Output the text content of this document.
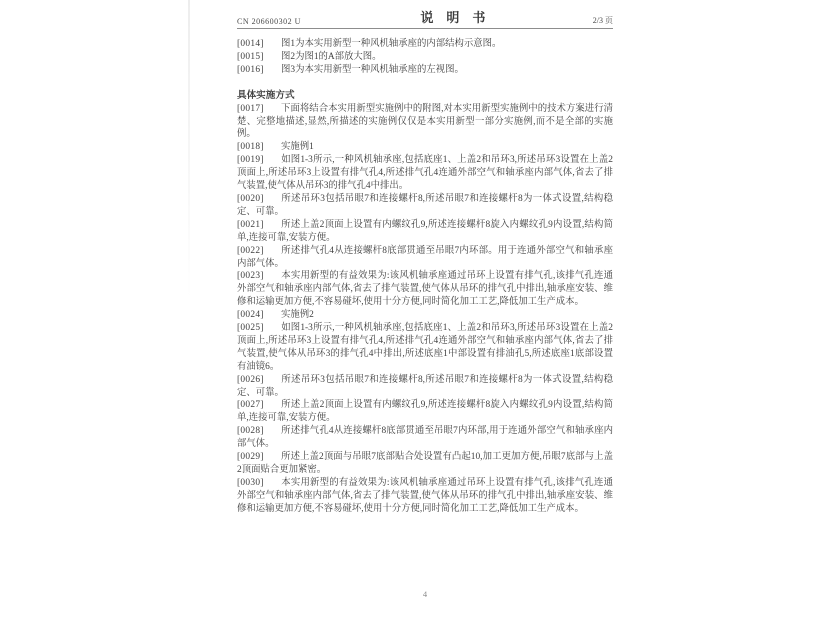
CN 206600302 U	说明书	2/3 页
[0014] 图1为本实用新型一种风机轴承座的内部结构示意图。
[0015] 图2为图1的A部放大图。
[0016] 图3为本实用新型一种风机轴承座的左视图。
具体实施方式
[0017] 下面将结合本实用新型实施例中的附图,对本实用新型实施例中的技术方案进行清楚、完整地描述,显然,所描述的实施例仅仅是本实用新型一部分实施例,而不是全部的实施例。
[0018] 实施例1
[0019] 如图1-3所示,一种风机轴承座,包括底座1、上盖2和吊环3,所述吊环3设置在上盖2顶面上,所述吊环3上设置有排气孔4,所述排气孔4连通外部空气和轴承座内部气体,省去了排气装置,使气体从吊环3的排气孔4中排出。
[0020] 所述吊环3包括吊眼7和连接螺杆8,所述吊眼7和连接螺杆8为一体式设置,结构稳定、可靠。
[0021] 所述上盖2顶面上设置有内螺纹孔9,所述连接螺杆8旋入内螺纹孔9内设置,结构简单,连接可靠,安装方便。
[0022] 所述排气孔4从连接螺杆8底部贯通至吊眼7内环部。用于连通外部空气和轴承座内部气体。
[0023] 本实用新型的有益效果为:该风机轴承座通过吊环上设置有排气孔,该排气孔连通外部空气和轴承座内部气体,省去了排气装置,使气体从吊环的排气孔中排出,轴承座安装、维修和运输更加方便,不容易碰坏,使用十分方便,同时简化加工工艺,降低加工生产成本。
[0024] 实施例2
[0025] 如图1-3所示,一种风机轴承座,包括底座1、上盖2和吊环3,所述吊环3设置在上盖2顶面上,所述吊环3上设置有排气孔4,所述排气孔4连通外部空气和轴承座内部气体,省去了排气装置,使气体从吊环3的排气孔4中排出,所述底座1中部设置有排油孔5,所述底座1底部设置有油镜6。
[0026] 所述吊环3包括吊眼7和连接螺杆8,所述吊眼7和连接螺杆8为一体式设置,结构稳定、可靠。
[0027] 所述上盖2顶面上设置有内螺纹孔9,所述连接螺杆8旋入内螺纹孔9内设置,结构简单,连接可靠,安装方便。
[0028] 所述排气孔4从连接螺杆8底部贯通至吊眼7内环部,用于连通外部空气和轴承座内部气体。
[0029] 所述上盖2顶面与吊眼7底部贴合处设置有凸起10,加工更加方便,吊眼7底部与上盖2顶面贴合更加紧密。
[0030] 本实用新型的有益效果为:该风机轴承座通过吊环上设置有排气孔,该排气孔连通外部空气和轴承座内部气体,省去了排气装置,使气体从吊环的排气孔中排出,轴承座安装、维修和运输更加方便,不容易碰坏,使用十分方便,同时简化加工工艺,降低加工生产成本。
4
